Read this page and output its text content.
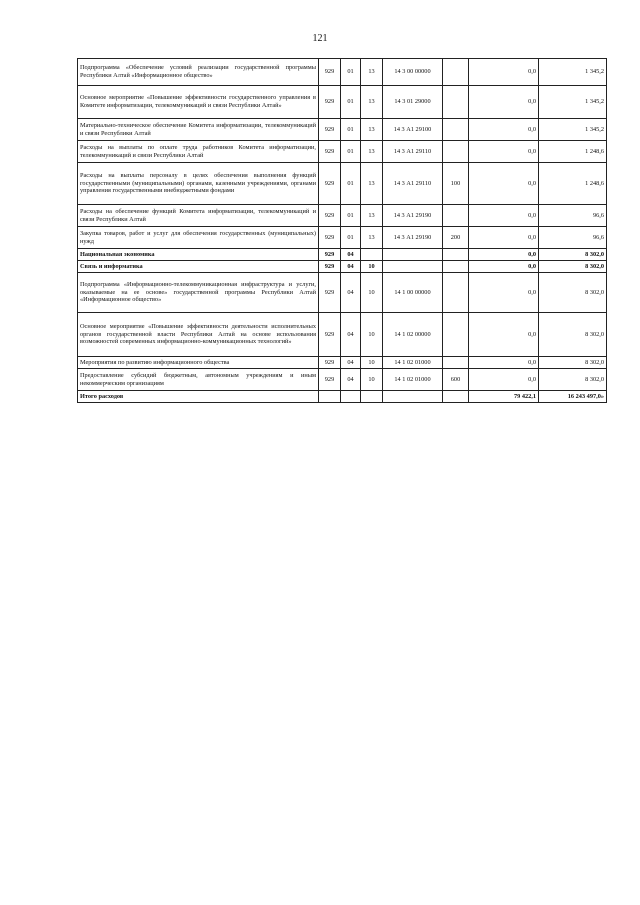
121
Подпрограмма «Обеспечение условий реализации государственной программы Республики Алтай «Информационное общество»	929	01	13	14 3 00 00000		0,0	1 345,2
Основное мероприятие «Повышение эффективности государственного управления в Комитете информатизации, телекоммуникаций и связи Республики Алтай»	929	01	13	14 3 01 29000		0,0	1 345,2
Материально-техническое обеспечение Комитета информатизации, телекоммуникаций и связи Республики Алтай	929	01	13	14 3 А1 29100		0,0	1 345,2
Расходы на выплаты по оплате труда работников Комитета информатизации, телекоммуникаций и связи Республики Алтай	929	01	13	14 3 А1 29110		0,0	1 248,6
Расходы на выплаты персоналу в целях обеспечения выполнения функций государственными (муниципальными) органами, казенными учреждениями, органами управления государственными внебюджетными фондами	929	01	13	14 3 А1 29110	100	0,0	1 248,6
Расходы на обеспечение функций Комитета информатизации, телекоммуникаций и связи Республики Алтай	929	01	13	14 3 А1 29190		0,0	96,6
Закупка товаров, работ и услуг для обеспечения государственных (муниципальных) нужд	929	01	13	14 3 А1 29190	200	0,0	96,6
Национальная экономика	929	04				0,0	8 302,0
Связь и информатика	929	04	10			0,0	8 302,0
Подпрограмма «Информационно-телекоммуникационная инфраструктура и услуги, оказываемые на ее основе» государственной программы Республики Алтай «Информационное общество»	929	04	10	14 1 00 00000		0,0	8 302,0
Основное мероприятие «Повышение эффективности деятельности исполнительных органов государственной власти Республики Алтай на основе использования возможностей современных информационно-коммуникационных технологий»	929	04	10	14 1 02 00000		0,0	8 302,0
Мероприятия по развитию информационного общества	929	04	10	14 1 02 01000		0,0	8 302,0
Предоставление субсидий бюджетным, автономным учреждениям и иным некоммерческим организациям	929	04	10	14 1 02 01000	600	0,0	8 302,0
Итого расходов						79 422,1	16 243 497,0»
